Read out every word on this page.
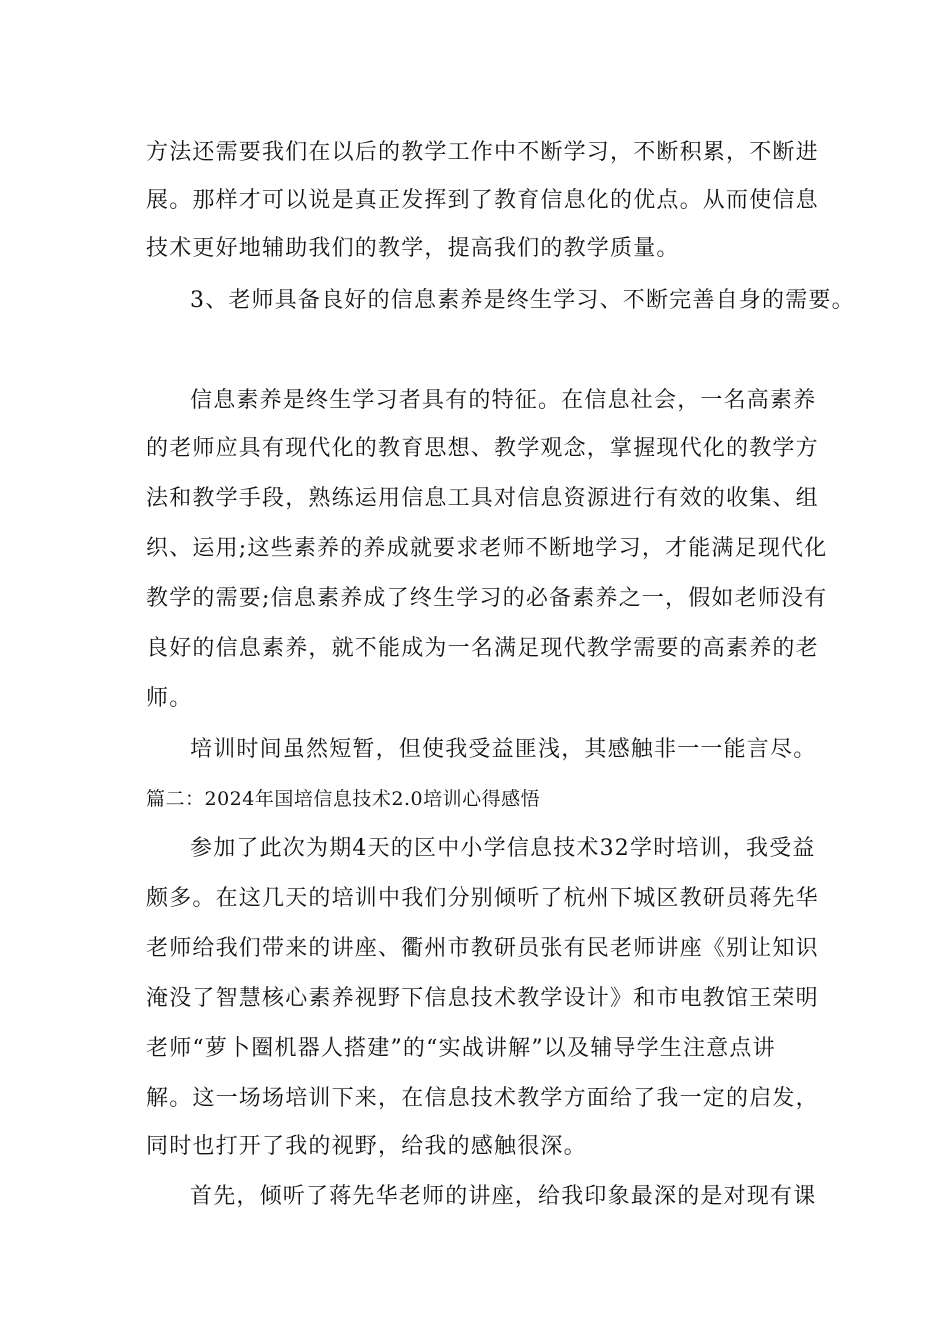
方法还需要我们在以后的教学工作中不断学习，不断积累，不断进
展。那样才可以说是真正发挥到了教育信息化的优点。从而使信息
技术更好地辅助我们的教学，提高我们的教学质量。
3、老师具备良好的信息素养是终生学习、不断完善自身的需要。
信息素养是终生学习者具有的特征。在信息社会，一名高素养
的老师应具有现代化的教育思想、教学观念，掌握现代化的教学方
法和教学手段，熟练运用信息工具对信息资源进行有效的收集、组
织、运用;这些素养的养成就要求老师不断地学习，才能满足现代化
教学的需要;信息素养成了终生学习的必备素养之一，假如老师没有
良好的信息素养，就不能成为一名满足现代教学需要的高素养的老
师。
培训时间虽然短暂，但使我受益匪浅，其感触非一一能言尽。
篇二：2024年国培信息技术2.0培训心得感悟
参加了此次为期4天的区中小学信息技术32学时培训，我受益
颇多。在这几天的培训中我们分别倾听了杭州下城区教研员蒋先华
老师给我们带来的讲座、衢州市教研员张有民老师讲座《别让知识
淹没了智慧核心素养视野下信息技术教学设计》和市电教馆王荣明
老师“萝卜圈机器人搭建”的“实战讲解”以及辅导学生注意点讲
解。这一场场培训下来，在信息技术教学方面给了我一定的启发，
同时也打开了我的视野，给我的感触很深。
首先，倾听了蒋先华老师的讲座，给我印象最深的是对现有课
